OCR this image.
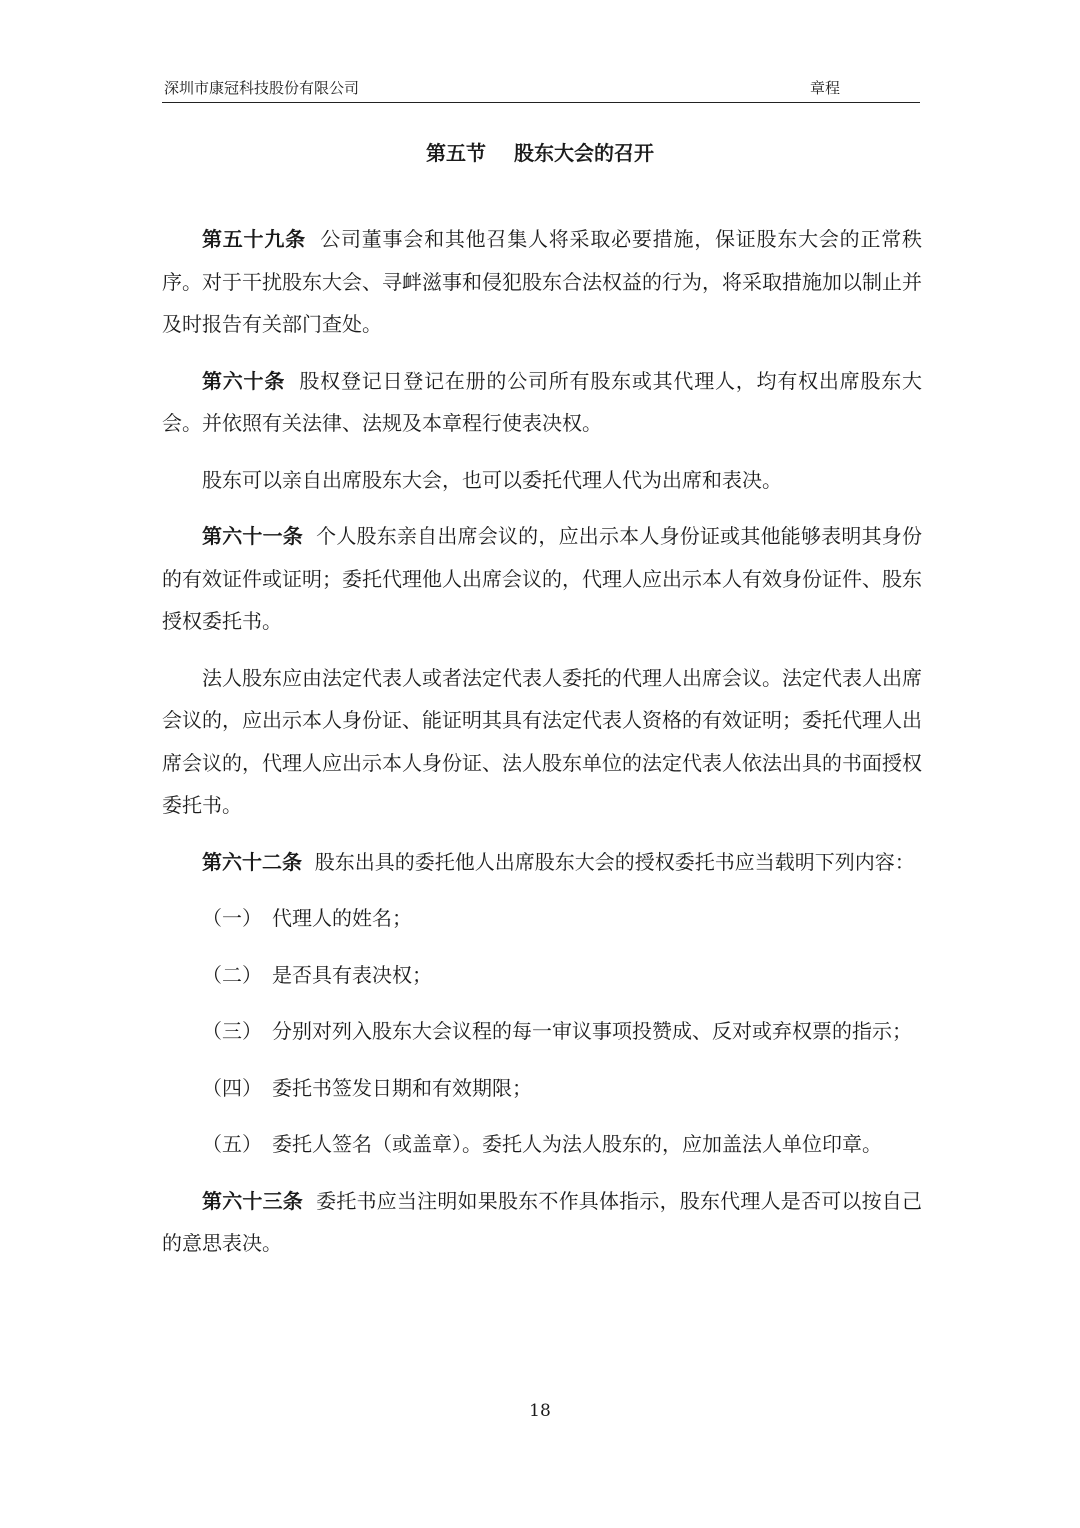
深圳市康冠科技股份有限公司	章程
第五节 股东大会的召开

第五十九条 公司董事会和其他召集人将采取必要措施，保证股东大会的正常秩序。对于干扰股东大会、寻衅滋事和侵犯股东合法权益的行为，将采取措施加以制止并及时报告有关部门查处。

第六十条 股权登记日登记在册的公司所有股东或其代理人，均有权出席股东大会。并依照有关法律、法规及本章程行使表决权。

股东可以亲自出席股东大会，也可以委托代理人代为出席和表决。

第六十一条 个人股东亲自出席会议的，应出示本人身份证或其他能够表明其身份的有效证件或证明；委托代理他人出席会议的，代理人应出示本人有效身份证件、股东授权委托书。

法人股东应由法定代表人或者法定代表人委托的代理人出席会议。法定代表人出席会议的，应出示本人身份证、能证明其具有法定代表人资格的有效证明；委托代理人出席会议的，代理人应出示本人身份证、法人股东单位的法定代表人依法出具的书面授权委托书。

第六十二条 股东出具的委托他人出席股东大会的授权委托书应当载明下列内容：

（一） 代理人的姓名；

（二） 是否具有表决权；

（三） 分别对列入股东大会议程的每一审议事项投赞成、反对或弃权票的指示；

（四） 委托书签发日期和有效期限；

（五） 委托人签名（或盖章）。委托人为法人股东的，应加盖法人单位印章。

第六十三条 委托书应当注明如果股东不作具体指示，股东代理人是否可以按自己的意思表决。

18
